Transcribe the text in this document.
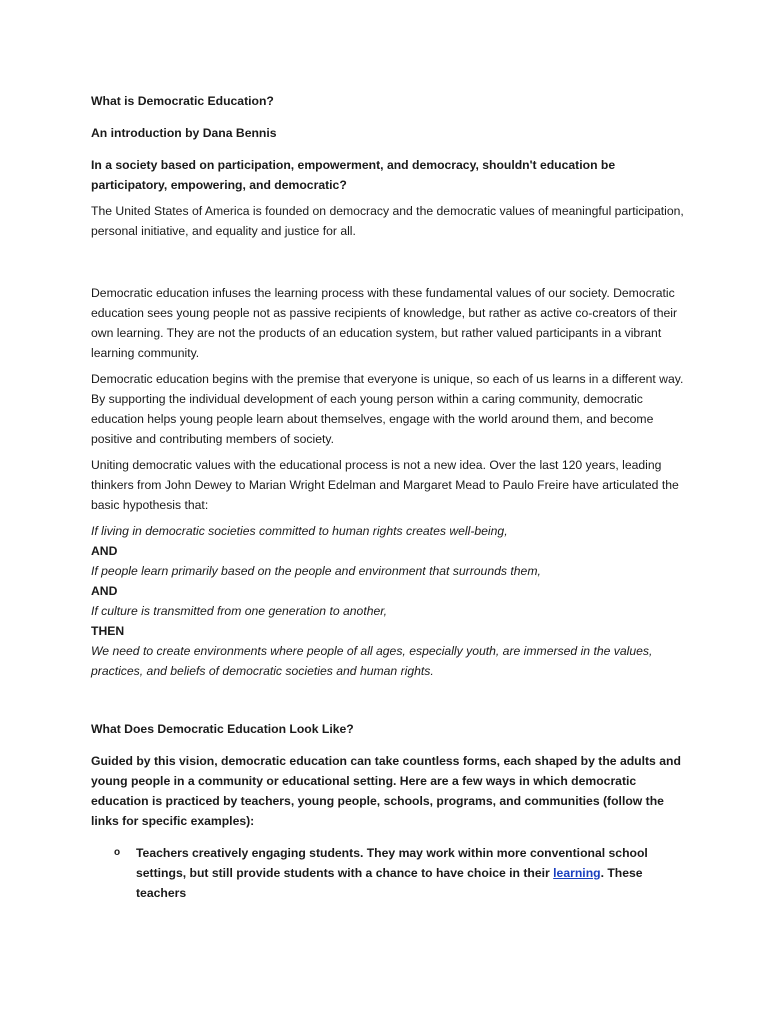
What is Democratic Education?

An introduction by Dana Bennis

In a society based on participation, empowerment, and democracy, shouldn't education be participatory, empowering, and democratic?

The United States of America is founded on democracy and the democratic values of meaningful participation, personal initiative, and equality and justice for all.

Democratic education infuses the learning process with these fundamental values of our society. Democratic education sees young people not as passive recipients of knowledge, but rather as active co-creators of their own learning. They are not the products of an education system, but rather valued participants in a vibrant learning community.

Democratic education begins with the premise that everyone is unique, so each of us learns in a different way. By supporting the individual development of each young person within a caring community, democratic education helps young people learn about themselves, engage with the world around them, and become positive and contributing members of society.

Uniting democratic values with the educational process is not a new idea. Over the last 120 years, leading thinkers from John Dewey to Marian Wright Edelman and Margaret Mead to Paulo Freire have articulated the basic hypothesis that:

If living in democratic societies committed to human rights creates well-being,

AND

If people learn primarily based on the people and environment that surrounds them,

AND

If culture is transmitted from one generation to another,

THEN

We need to create environments where people of all ages, especially youth, are immersed in the values, practices, and beliefs of democratic societies and human rights.

What Does Democratic Education Look Like?

Guided by this vision, democratic education can take countless forms, each shaped by the adults and young people in a community or educational setting. Here are a few ways in which democratic education is practiced by teachers, young people, schools, programs, and communities (follow the links for specific examples):

o Teachers creatively engaging students. They may work within more conventional school settings, but still provide students with a chance to have choice in their learning. These teachers
